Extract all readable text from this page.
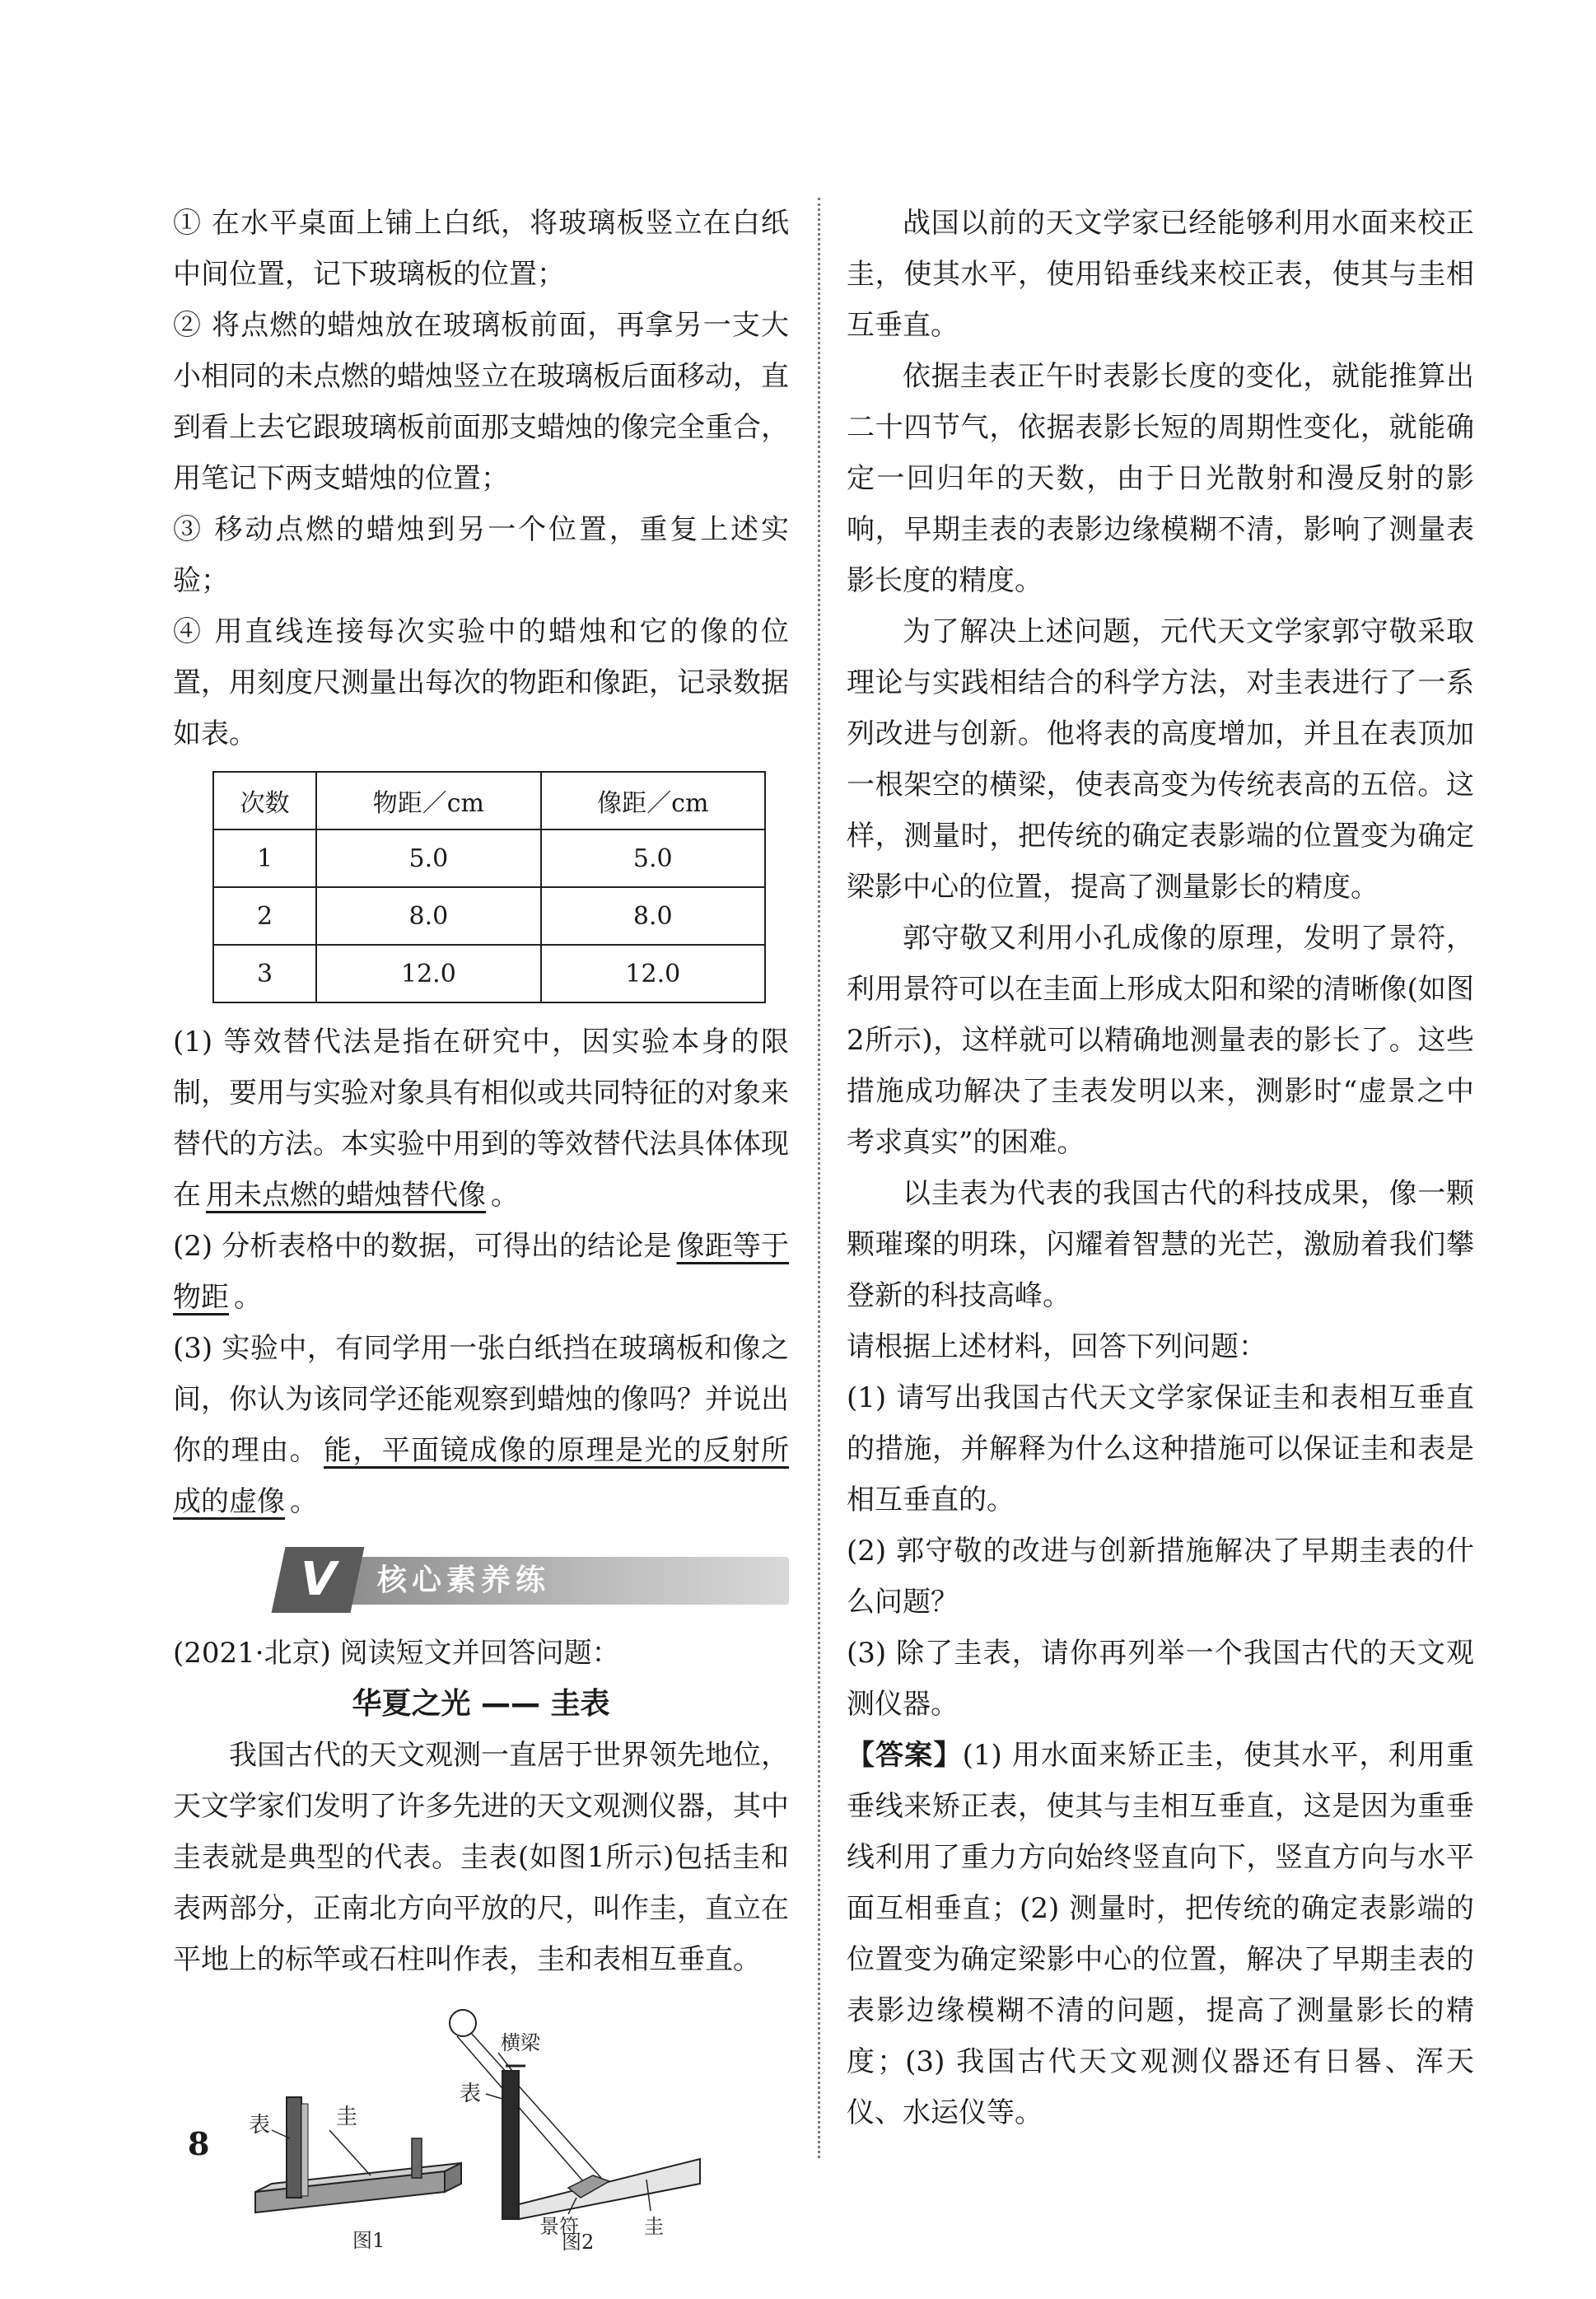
① 在水平桌面上铺上白纸，将玻璃板竖立在白纸中间位置，记下玻璃板的位置；

② 将点燃的蜡烛放在玻璃板前面，再拿另一支大小相同的未点燃的蜡烛竖立在玻璃板后面移动，直到看上去它跟玻璃板前面那支蜡烛的像完全重合，用笔记下两支蜡烛的位置；

③ 移动点燃的蜡烛到另一个位置，重复上述实验；

④ 用直线连接每次实验中的蜡烛和它的像的位置，用刻度尺测量出每次的物距和像距，记录数据如表。

次数	物距／cm	像距／cm
1	5.0	5.0
2	8.0	8.0
3	12.0	12.0

(1) 等效替代法是指在研究中，因实验本身的限制，要用与实验对象具有相似或共同特征的对象来替代的方法。本实验中用到的等效替代法具体体现在 用未点燃的蜡烛替代像 。

(2) 分析表格中的数据，可得出的结论是 像距等于物距 。

(3) 实验中，有同学用一张白纸挡在玻璃板和像之间，你认为该同学还能观察到蜡烛的像吗？并说出你的理由。 能，平面镜成像的原理是光的反射所成的虚像 。

V	核心素养练

(2021·北京) 阅读短文并回答问题：

华夏之光 —— 圭表

我国古代的天文观测一直居于世界领先地位，天文学家们发明了许多先进的天文观测仪器，其中圭表就是典型的代表。圭表(如图1所示)包括圭和表两部分，正南北方向平放的尺，叫作圭，直立在平地上的标竿或石柱叫作表，圭和表相互垂直。

表	圭
图1
横梁
表
景符	圭
图2

战国以前的天文学家已经能够利用水面来校正圭，使其水平，使用铅垂线来校正表，使其与圭相互垂直。

依据圭表正午时表影长度的变化，就能推算出二十四节气，依据表影长短的周期性变化，就能确定一回归年的天数，由于日光散射和漫反射的影响，早期圭表的表影边缘模糊不清，影响了测量表影长度的精度。

为了解决上述问题，元代天文学家郭守敬采取理论与实践相结合的科学方法，对圭表进行了一系列改进与创新。他将表的高度增加，并且在表顶加一根架空的横梁，使表高变为传统表高的五倍。这样，测量时，把传统的确定表影端的位置变为确定梁影中心的位置，提高了测量影长的精度。

郭守敬又利用小孔成像的原理，发明了景符，利用景符可以在圭面上形成太阳和梁的清晰像(如图2所示)，这样就可以精确地测量表的影长了。这些措施成功解决了圭表发明以来，测影时“虚景之中考求真实”的困难。

以圭表为代表的我国古代的科技成果，像一颗颗璀璨的明珠，闪耀着智慧的光芒，激励着我们攀登新的科技高峰。

请根据上述材料，回答下列问题：

(1) 请写出我国古代天文学家保证圭和表相互垂直的措施，并解释为什么这种措施可以保证圭和表是相互垂直的。

(2) 郭守敬的改进与创新措施解决了早期圭表的什么问题？

(3) 除了圭表，请你再列举一个我国古代的天文观测仪器。

【答案】(1) 用水面来矫正圭，使其水平，利用重垂线来矫正表，使其与圭相互垂直，这是因为重垂线利用了重力方向始终竖直向下，竖直方向与水平面互相垂直；(2) 测量时，把传统的确定表影端的位置变为确定梁影中心的位置，解决了早期圭表的表影边缘模糊不清的问题，提高了测量影长的精度；(3) 我国古代天文观测仪器还有日晷、浑天仪、水运仪等。

8
